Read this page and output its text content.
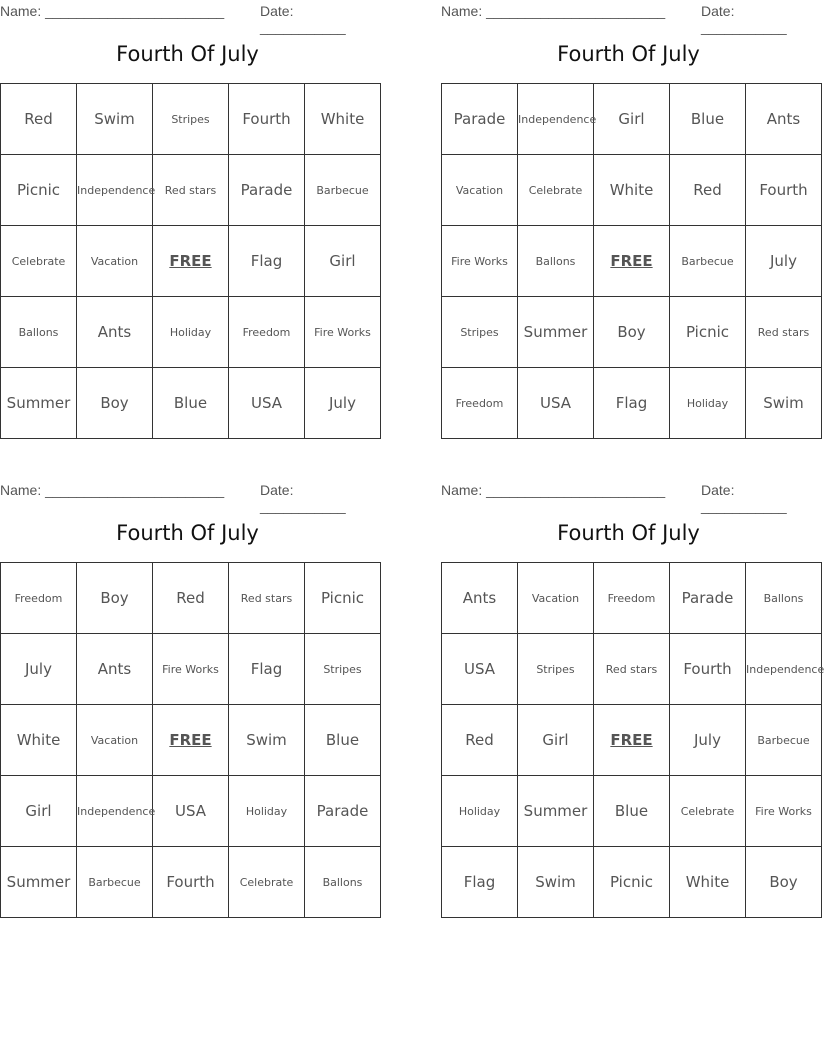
Name: _______________________	Date: ___________
Fourth Of July
Red	Swim	Stripes	Fourth	White
Picnic	Independence	Red stars	Parade	Barbecue
Celebrate	Vacation	FREE	Flag	Girl
Ballons	Ants	Holiday	Freedom	Fire Works
Summer	Boy	Blue	USA	July
Name: _______________________	Date: ___________
Fourth Of July
Parade	Independence	Girl	Blue	Ants
Vacation	Celebrate	White	Red	Fourth
Fire Works	Ballons	FREE	Barbecue	July
Stripes	Summer	Boy	Picnic	Red stars
Freedom	USA	Flag	Holiday	Swim
Name: _______________________	Date: ___________
Fourth Of July
Freedom	Boy	Red	Red stars	Picnic
July	Ants	Fire Works	Flag	Stripes
White	Vacation	FREE	Swim	Blue
Girl	Independence	USA	Holiday	Parade
Summer	Barbecue	Fourth	Celebrate	Ballons
Name: _______________________	Date: ___________
Fourth Of July
Ants	Vacation	Freedom	Parade	Ballons
USA	Stripes	Red stars	Fourth	Independence
Red	Girl	FREE	July	Barbecue
Holiday	Summer	Blue	Celebrate	Fire Works
Flag	Swim	Picnic	White	Boy
